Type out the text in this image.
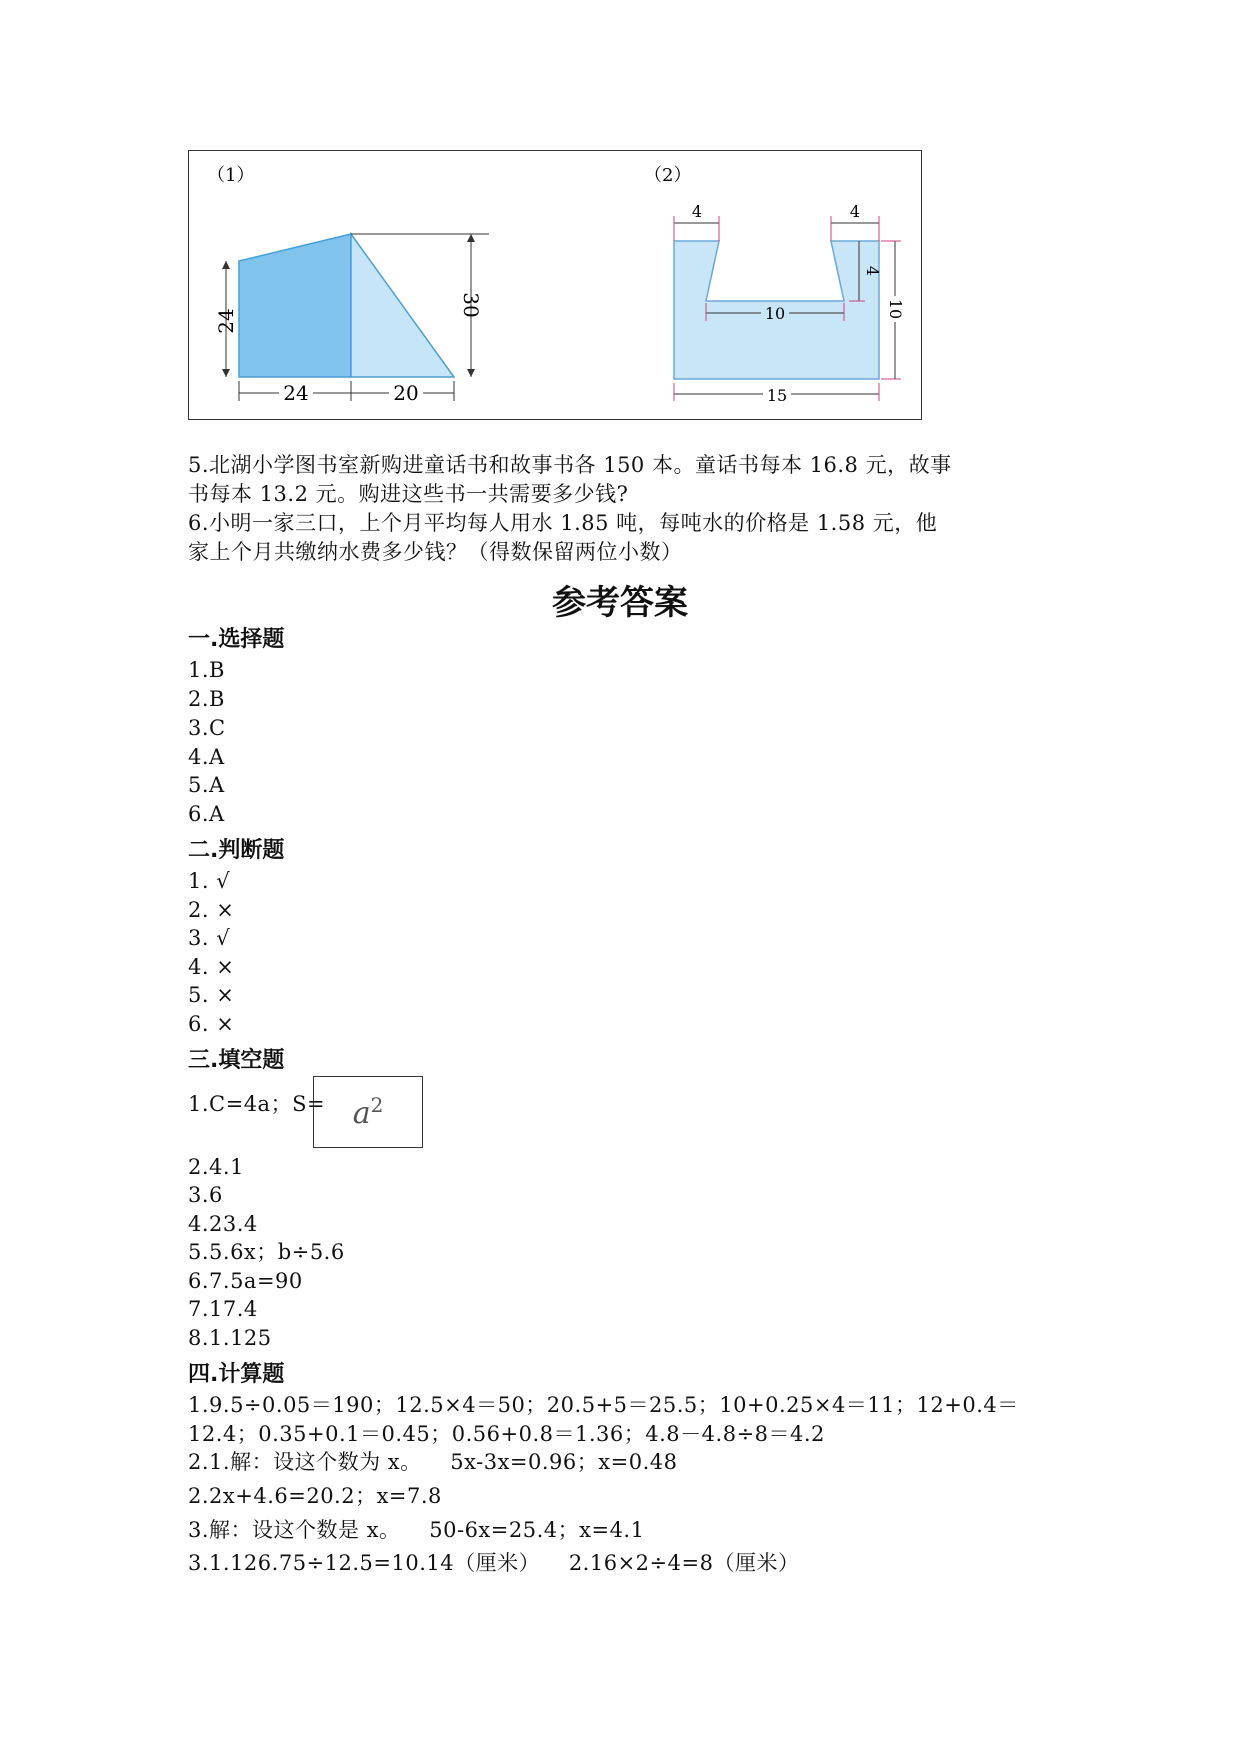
（1）
24
30
24	20
（2）
4	4
4
10	10
15
5.北湖小学图书室新购进童话书和故事书各 150 本。童话书每本 16.8 元，故事
书每本 13.2 元。购进这些书一共需要多少钱?
6.小明一家三口，上个月平均每人用水 1.85 吨，每吨水的价格是 1.58 元，他
家上个月共缴纳水费多少钱？（得数保留两位小数）
参考答案
一.选择题
1.B
2.B
3.C
4.A
5.A
6.A
二.判断题
1. √
2. ×
3. √
4. ×
5. ×
6. ×
三.填空题
1.C=4a；$S= a^2$
2.4.1
3.6
4.23.4
5.5.6x；b÷5.6
6.7.5a=90
7.17.4
8.1.125
四.计算题
1.9.5÷0.05＝190；12.5×4＝50；20.5+5＝25.5；10+0.25×4＝11；12+0.4＝
12.4；0.35+0.1＝0.45；0.56+0.8＝1.36；4.8－4.8÷8＝4.2
2.1.解：设这个数为 x。    5x-3x=0.96；x=0.48
2.2x+4.6=20.2；x=7.8
3.解：设这个数是 x。    50-6x=25.4；x=4.1
3.1.126.75÷12.5=10.14（厘米）    2.16×2÷4=8（厘米）
